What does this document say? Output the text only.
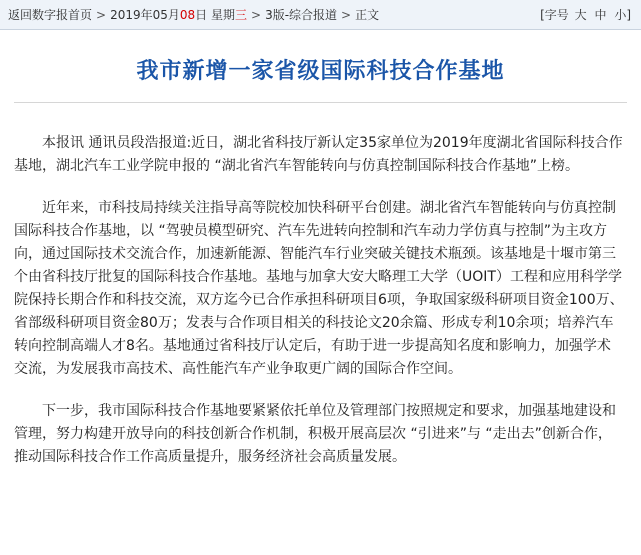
返回数字报首页 > 2019年05月08日 星期三 > 3版-综合报道 > 正文	[字号 大 中 小]
我市新增一家省级国际科技合作基地

本报讯 通讯员段浩报道:近日，湖北省科技厅新认定35家单位为2019年度湖北省国际科技合作基地，湖北汽车工业学院申报的 “湖北省汽车智能转向与仿真控制国际科技合作基地”上榜。

近年来，市科技局持续关注指导高等院校加快科研平台创建。湖北省汽车智能转向与仿真控制国际科技合作基地，以 “驾驶员模型研究、汽车先进转向控制和汽车动力学仿真与控制”为主攻方向，通过国际技术交流合作，加速新能源、智能汽车行业突破关键技术瓶颈。该基地是十堰市第三个由省科技厅批复的国际科技合作基地。基地与加拿大安大略理工大学（UOIT）工程和应用科学学院保持长期合作和科技交流，双方迄今已合作承担科研项目6项，争取国家级科研项目资金100万、省部级科研项目资金80万；发表与合作项目相关的科技论文20余篇、形成专利10余项；培养汽车转向控制高端人才8名。基地通过省科技厅认定后，有助于进一步提高知名度和影响力，加强学术交流，为发展我市高技术、高性能汽车产业争取更广阔的国际合作空间。

下一步，我市国际科技合作基地要紧紧依托单位及管理部门按照规定和要求，加强基地建设和管理，努力构建开放导向的科技创新合作机制，积极开展高层次 “引进来”与 “走出去”创新合作，推动国际科技合作工作高质量提升，服务经济社会高质量发展。
